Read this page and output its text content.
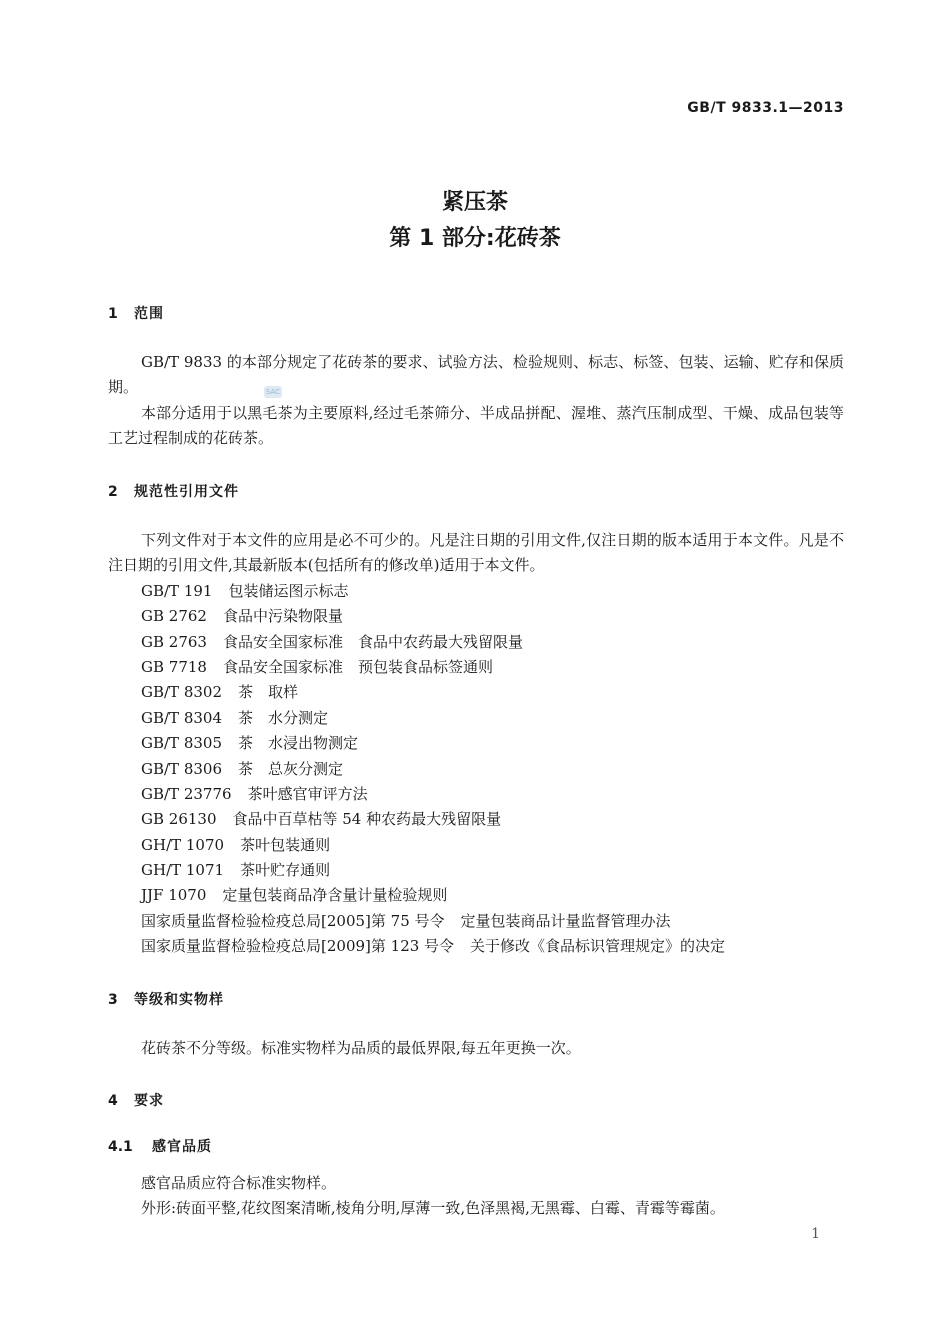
GB/T 9833.1—2013
紧压茶
第 1 部分:花砖茶
1 范围
GB/T 9833 的本部分规定了花砖茶的要求、试验方法、检验规则、标志、标签、包装、运输、贮存和保质期。
本部分适用于以黑毛茶为主要原料,经过毛茶筛分、半成品拼配、渥堆、蒸汽压制成型、干燥、成品包装等工艺过程制成的花砖茶。
SAC
2 规范性引用文件
下列文件对于本文件的应用是必不可少的。凡是注日期的引用文件,仅注日期的版本适用于本文件。凡是不注日期的引用文件,其最新版本(包括所有的修改单)适用于本文件。
GB/T 191 包装储运图示标志
GB 2762 食品中污染物限量
GB 2763 食品安全国家标准　食品中农药最大残留限量
GB 7718 食品安全国家标准　预包装食品标签通则
GB/T 8302 茶　取样
GB/T 8304 茶　水分测定
GB/T 8305 茶　水浸出物测定
GB/T 8306 茶　总灰分测定
GB/T 23776 茶叶感官审评方法
GB 26130 食品中百草枯等 54 种农药最大残留限量
GH/T 1070 茶叶包装通则
GH/T 1071 茶叶贮存通则
JJF 1070 定量包装商品净含量计量检验规则
国家质量监督检验检疫总局[2005]第 75 号令 定量包装商品计量监督管理办法
国家质量监督检验检疫总局[2009]第 123 号令 关于修改《食品标识管理规定》的决定
3 等级和实物样
花砖茶不分等级。标准实物样为品质的最低界限,每五年更换一次。
4 要求
4.1 感官品质
感官品质应符合标准实物样。
外形:砖面平整,花纹图案清晰,棱角分明,厚薄一致,色泽黑褐,无黑霉、白霉、青霉等霉菌。
1
